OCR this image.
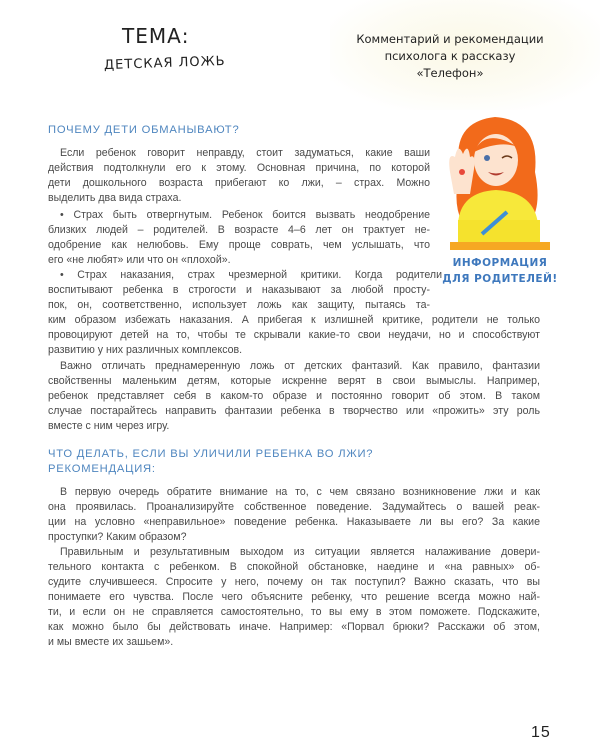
ТЕМА:
ДЕТСКАЯ ЛОЖЬ
Комментарий и рекомендации
психолога к рассказу
«Телефон»
ИНФОРМАЦИЯ
ДЛЯ РОДИТЕЛЕЙ!
ПОЧЕМУ ДЕТИ ОБМАНЫВАЮТ?
Если ребенок говорит неправду, стоит задуматься, какие ваши
действия подтолкнули его к этому. Основная причина, по которой
дети дошкольного возраста прибегают ко лжи, – страх. Можно
выделить два вида страха.
• Страх быть отвергнутым. Ребенок боится вызвать неодобрение
близких людей – родителей. В возрасте 4–6 лет он трактует не-
одобрение как нелюбовь. Ему проще соврать, чем услышать, что
его «не любят» или что он «плохой».
• Страх наказания, страх чрезмерной критики. Когда родители
воспитывают ребенка в строгости и наказывают за любой просту-
пок, он, соответственно, использует ложь как защиту, пытаясь та-
ким образом избежать наказания. А прибегая к излишней критике, родители не только
провоцируют детей на то, чтобы те скрывали какие-то свои неудачи, но и способствуют
развитию у них различных комплексов.
Важно отличать преднамеренную ложь от детских фантазий. Как правило, фантазии
свойственны маленьким детям, которые искренне верят в свои вымыслы. Например,
ребенок представляет себя в каком-то образе и постоянно говорит об этом. В таком
случае постарайтесь направить фантазии ребенка в творчество или «прожить» эту роль
вместе с ним через игру.
ЧТО ДЕЛАТЬ, ЕСЛИ ВЫ УЛИЧИЛИ РЕБЕНКА ВО ЛЖИ?
РЕКОМЕНДАЦИЯ:
В первую очередь обратите внимание на то, с чем связано возникновение лжи и как
она проявилась. Проанализируйте собственное поведение. Задумайтесь о вашей реак-
ции на условно «неправильное» поведение ребенка. Наказываете ли вы его? За какие
проступки? Каким образом?
Правильным и результативным выходом из ситуации является налаживание довери-
тельного контакта с ребенком. В спокойной обстановке, наедине и «на равных» об-
судите случившееся. Спросите у него, почему он так поступил? Важно сказать, что вы
понимаете его чувства. После чего объясните ребенку, что решение всегда можно най-
ти, и если он не справляется самостоятельно, то вы ему в этом поможете. Подскажите,
как можно было бы действовать иначе. Например: «Порвал брюки? Расскажи об этом,
и мы вместе их зашьем».
15
